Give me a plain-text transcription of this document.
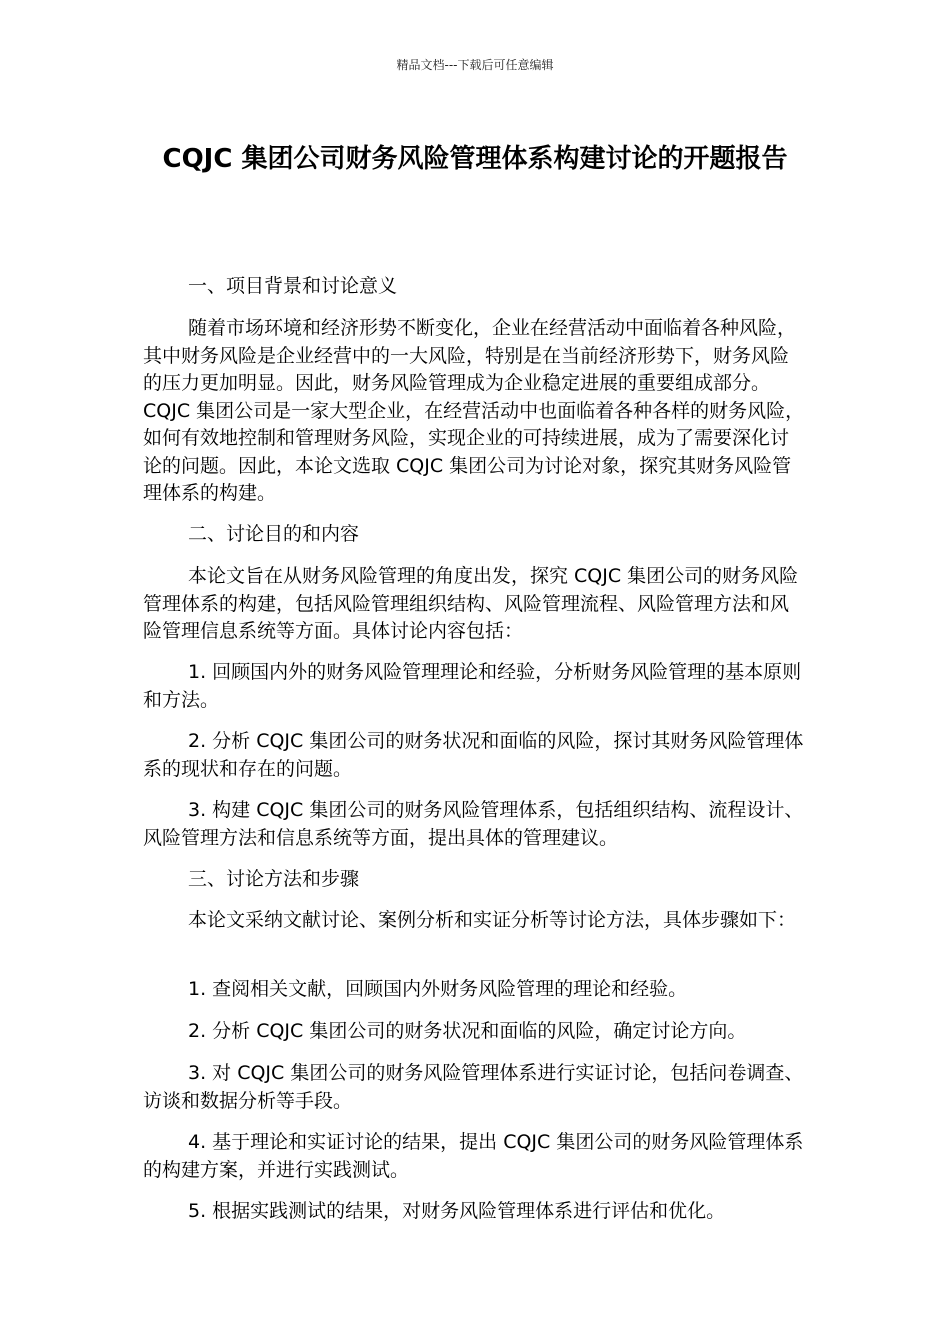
精品文档---下载后可任意编辑
CQJC 集团公司财务风险管理体系构建讨论的开题报告

一、项目背景和讨论意义

随着市场环境和经济形势不断变化，企业在经营活动中面临着各种风险，其中财务风险是企业经营中的一大风险，特别是在当前经济形势下，财务风险的压力更加明显。因此，财务风险管理成为企业稳定进展的重要组成部分。CQJC 集团公司是一家大型企业，在经营活动中也面临着各种各样的财务风险，如何有效地控制和管理财务风险，实现企业的可持续进展，成为了需要深化讨论的问题。因此，本论文选取 CQJC 集团公司为讨论对象，探究其财务风险管理体系的构建。

二、讨论目的和内容

本论文旨在从财务风险管理的角度出发，探究 CQJC 集团公司的财务风险管理体系的构建，包括风险管理组织结构、风险管理流程、风险管理方法和风险管理信息系统等方面。具体讨论内容包括：

1. 回顾国内外的财务风险管理理论和经验，分析财务风险管理的基本原则和方法。

2. 分析 CQJC 集团公司的财务状况和面临的风险，探讨其财务风险管理体系的现状和存在的问题。

3. 构建 CQJC 集团公司的财务风险管理体系，包括组织结构、流程设计、风险管理方法和信息系统等方面，提出具体的管理建议。

三、讨论方法和步骤

本论文采纳文献讨论、案例分析和实证分析等讨论方法，具体步骤如下：

1. 查阅相关文献，回顾国内外财务风险管理的理论和经验。

2. 分析 CQJC 集团公司的财务状况和面临的风险，确定讨论方向。

3. 对 CQJC 集团公司的财务风险管理体系进行实证讨论，包括问卷调查、访谈和数据分析等手段。

4. 基于理论和实证讨论的结果，提出 CQJC 集团公司的财务风险管理体系的构建方案，并进行实践测试。

5. 根据实践测试的结果，对财务风险管理体系进行评估和优化。
